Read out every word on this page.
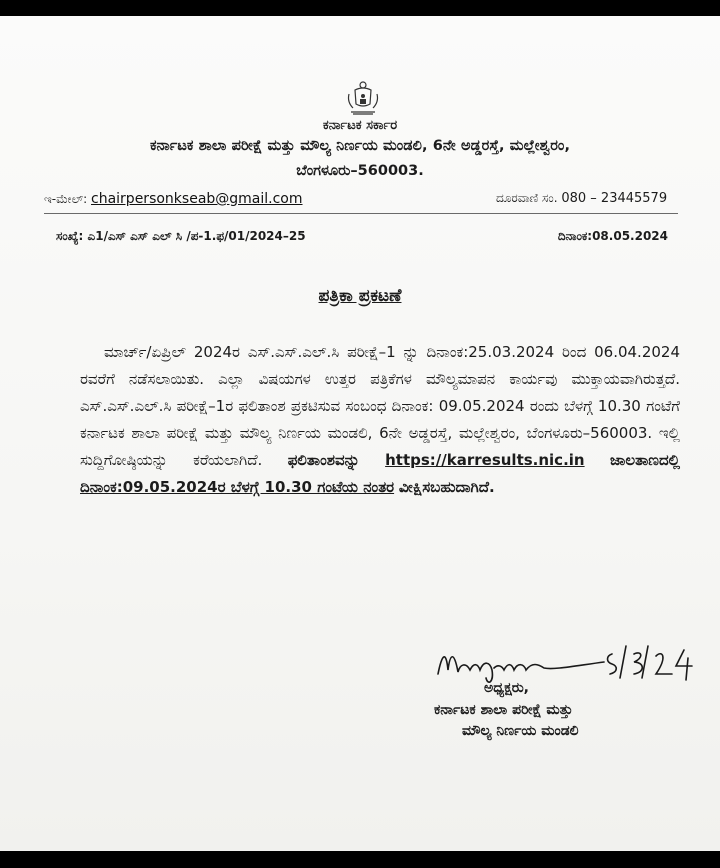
ಕರ್ನಾಟಕ ಸರ್ಕಾರ
ಕರ್ನಾಟಕ ಶಾಲಾ ಪರೀಕ್ಷೆ ಮತ್ತು ಮೌಲ್ಯ ನಿರ್ಣಯ ಮಂಡಲಿ, 6ನೇ ಅಡ್ಡರಸ್ತೆ, ಮಲ್ಲೇಶ್ವರಂ,
ಬೆಂಗಳೂರು–560003.
ಇ-ಮೇಲ್: chairpersonkseab@gmail.com	ದೂರವಾಣಿ ಸಂ. 080 – 23445579
ಸಂಖ್ಯೆ: ಎ1/ಎಸ್ ಎಸ್ ಎಲ್ ಸಿ /ಪ-1.ಫ/01/2024–25	ದಿನಾಂಕ:08.05.2024
ಪತ್ರಿಕಾ ಪ್ರಕಟಣೆ

ಮಾರ್ಚ್/ಏಪ್ರಿಲ್ 2024ರ ಎಸ್.ಎಸ್.ಎಲ್.ಸಿ ಪರೀಕ್ಷೆ–1 ನ್ನು ದಿನಾಂಕ:25.03.2024 ರಿಂದ 06.04.2024 ರವರೆಗೆ ನಡೆಸಲಾಯಿತು. ಎಲ್ಲಾ ವಿಷಯಗಳ ಉತ್ತರ ಪತ್ರಿಕೆಗಳ ಮೌಲ್ಯಮಾಪನ ಕಾರ್ಯವು ಮುಕ್ತಾಯವಾಗಿರುತ್ತದೆ. ಎಸ್.ಎಸ್.ಎಲ್.ಸಿ ಪರೀಕ್ಷೆ–1ರ ಫಲಿತಾಂಶ ಪ್ರಕಟಿಸುವ ಸಂಬಂಧ ದಿನಾಂಕ: 09.05.2024 ರಂದು ಬೆಳಗ್ಗೆ 10.30 ಗಂಟೆಗೆ ಕರ್ನಾಟಕ ಶಾಲಾ ಪರೀಕ್ಷೆ ಮತ್ತು ಮೌಲ್ಯ ನಿರ್ಣಯ ಮಂಡಲಿ, 6ನೇ ಅಡ್ಡರಸ್ತೆ, ಮಲ್ಲೇಶ್ವರಂ, ಬೆಂಗಳೂರು–560003. ಇಲ್ಲಿ ಸುದ್ದಿಗೋಷ್ಠಿಯನ್ನು ಕರೆಯಲಾಗಿದೆ. ಫಲಿತಾಂಶವನ್ನು https://karresults.nic.in ಜಾಲತಾಣದಲ್ಲಿ ದಿನಾಂಕ:09.05.2024ರ ಬೆಳಗ್ಗೆ 10.30 ಗಂಟೆಯ ನಂತರ ವೀಕ್ಷಿಸಬಹುದಾಗಿದೆ.

ಅಧ್ಯಕ್ಷರು,
ಕರ್ನಾಟಕ ಶಾಲಾ ಪರೀಕ್ಷೆ ಮತ್ತು
ಮೌಲ್ಯ ನಿರ್ಣಯ ಮಂಡಲಿ
